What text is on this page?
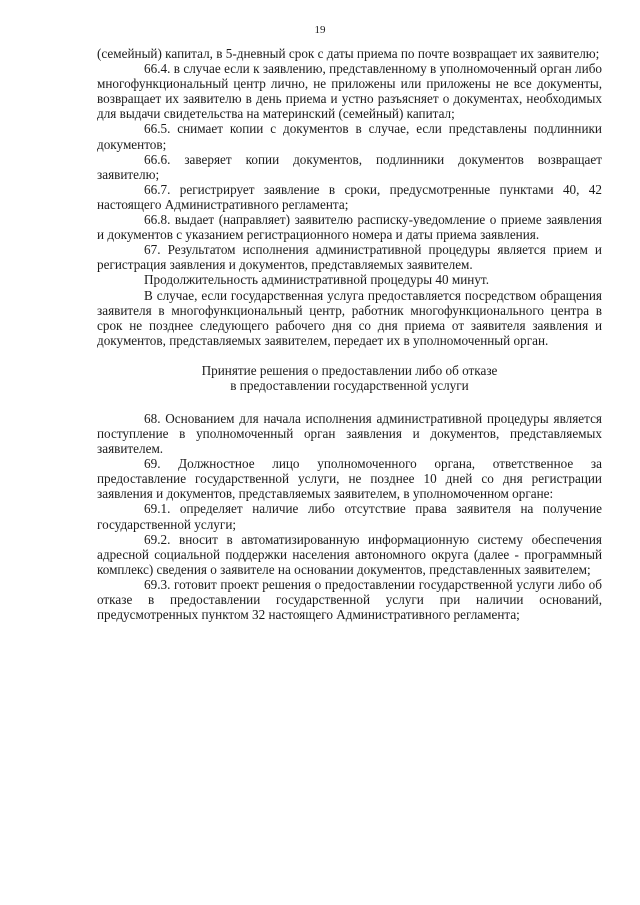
19

(семейный) капитал, в 5-дневный срок с даты приема по почте возвращает их заявителю;

66.4. в случае если к заявлению, представленному в уполномоченный орган либо многофункциональный центр лично, не приложены или приложены не все документы, возвращает их заявителю в день приема и устно разъясняет о документах, необходимых для выдачи свидетельства на материнский (семейный) капитал;

66.5. снимает копии с документов в случае, если представлены подлинники документов;

66.6. заверяет копии документов, подлинники документов возвращает заявителю;

66.7. регистрирует заявление в сроки, предусмотренные пунктами 40, 42 настоящего Административного регламента;

66.8. выдает (направляет) заявителю расписку-уведомление о приеме заявления и документов с указанием регистрационного номера и даты приема заявления.

67. Результатом исполнения административной процедуры является прием и регистрация заявления и документов, представляемых заявителем.

Продолжительность административной процедуры 40 минут.

В случае, если государственная услуга предоставляется посредством обращения заявителя в многофункциональный центр, работник многофункционального центра в срок не позднее следующего рабочего дня со дня приема от заявителя заявления и документов, представляемых заявителем, передает их в уполномоченный орган.

Принятие решения о предоставлении либо об отказе
в предоставлении государственной услуги

68. Основанием для начала исполнения административной процедуры является поступление в уполномоченный орган заявления и документов, представляемых заявителем.

69. Должностное лицо уполномоченного органа, ответственное за предоставление государственной услуги, не позднее 10 дней со дня регистрации заявления и документов, представляемых заявителем, в уполномоченном органе:

69.1. определяет наличие либо отсутствие права заявителя на получение государственной услуги;

69.2. вносит в автоматизированную информационную систему обеспечения адресной социальной поддержки населения автономного округа (далее - программный комплекс) сведения о заявителе на основании документов, представленных заявителем;

69.3. готовит проект решения о предоставлении государственной услуги либо об отказе в предоставлении государственной услуги при наличии оснований, предусмотренных пунктом 32 настоящего Административного регламента;
